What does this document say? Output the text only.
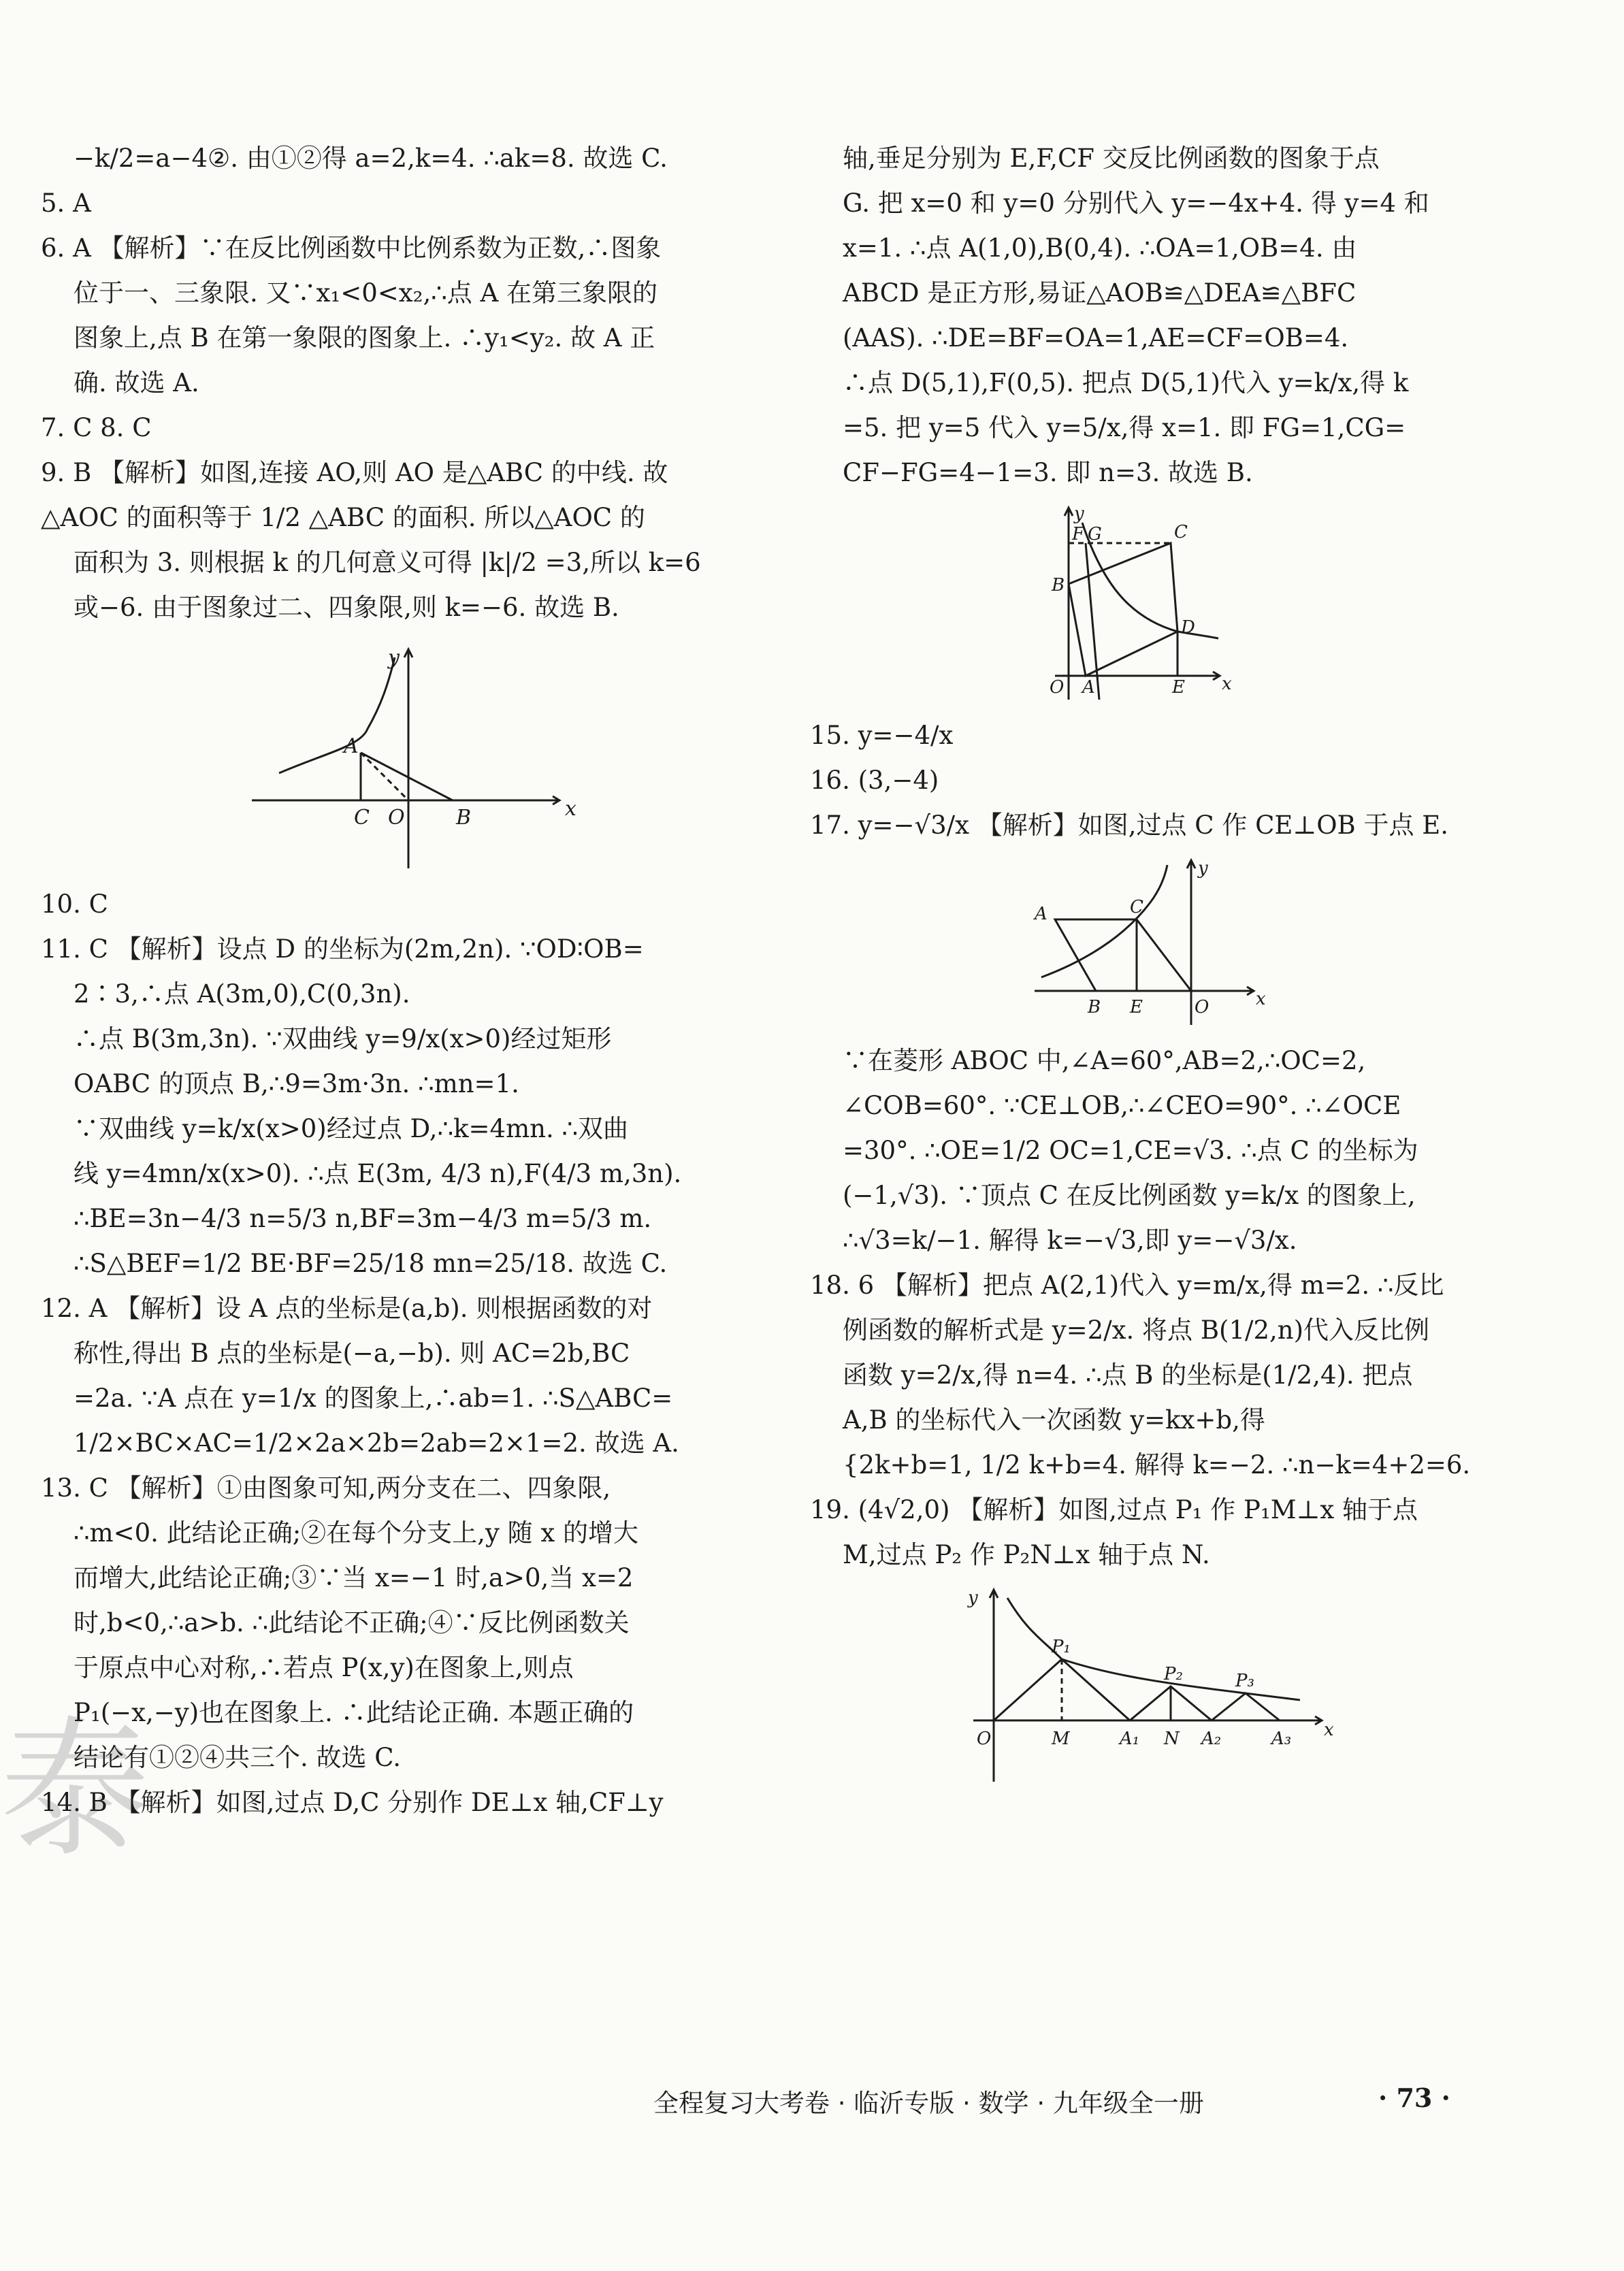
泰

−k/2=a−4②. 由①②得 a=2,k=4. ∴ak=8. 故选 C.

5. A

6. A 【解析】∵在反比例函数中比例系数为正数,∴图象

位于一、三象限. 又∵x₁<0<x₂,∴点 A 在第三象限的

图象上,点 B 在第一象限的图象上. ∴y₁<y₂. 故 A 正

确. 故选 A.

7. C 8. C

9. B 【解析】如图,连接 AO,则 AO 是△ABC 的中线. 故

△AOC 的面积等于 1/2 △ABC 的面积. 所以△AOC 的

面积为 3. 则根据 k 的几何意义可得 |k|/2 =3,所以 k=6

或−6. 由于图象过二、四象限,则 k=−6. 故选 B.

y
x
A
C O	B

10. C

11. C 【解析】设点 D 的坐标为(2m,2n). ∵OD∶OB=

2∶3,∴点 A(3m,0),C(0,3n).

∴点 B(3m,3n). ∵双曲线 y=9/x(x>0)经过矩形

OABC 的顶点 B,∴9=3m·3n. ∴mn=1.

∵双曲线 y=k/x(x>0)经过点 D,∴k=4mn. ∴双曲

线 y=4mn/x(x>0). ∴点 E(3m, 4/3 n),F(4/3 m,3n).

∴BE=3n−4/3 n=5/3 n,BF=3m−4/3 m=5/3 m.

∴S△BEF=1/2 BE·BF=25/18 mn=25/18. 故选 C.

12. A 【解析】设 A 点的坐标是(a,b). 则根据函数的对

称性,得出 B 点的坐标是(−a,−b). 则 AC=2b,BC

=2a. ∵A 点在 y=1/x 的图象上,∴ab=1. ∴S△ABC=

1/2×BC×AC=1/2×2a×2b=2ab=2×1=2. 故选 A.

13. C 【解析】①由图象可知,两分支在二、四象限,

∴m<0. 此结论正确;②在每个分支上,y 随 x 的增大

而增大,此结论正确;③∵当 x=−1 时,a>0,当 x=2

时,b<0,∴a>b. ∴此结论不正确;④∵反比例函数关

于原点中心对称,∴若点 P(x,y)在图象上,则点

P₁(−x,−y)也在图象上. ∴此结论正确. 本题正确的

结论有①②④共三个. 故选 C.

14. B 【解析】如图,过点 D,C 分别作 DE⊥x 轴,CF⊥y

轴,垂足分别为 E,F,CF 交反比例函数的图象于点

G. 把 x=0 和 y=0 分别代入 y=−4x+4. 得 y=4 和

x=1. ∴点 A(1,0),B(0,4). ∴OA=1,OB=4. 由

ABCD 是正方形,易证△AOB≌△DEA≌△BFC

(AAS). ∴DE=BF=OA=1,AE=CF=OB=4.

∴点 D(5,1),F(0,5). 把点 D(5,1)代入 y=k/x,得 k

=5. 把 y=5 代入 y=5/x,得 x=1. 即 FG=1,CG=

CF−FG=4−1=3. 即 n=3. 故选 B.

y
x
F G	C
B
D
O A	E

15. y=−4/x

16. (3,−4)

17. y=−√3/x 【解析】如图,过点 C 作 CE⊥OB 于点 E.

y
x
A	C
B E	O

∵在菱形 ABOC 中,∠A=60°,AB=2,∴OC=2,

∠COB=60°. ∵CE⊥OB,∴∠CEO=90°. ∴∠OCE

=30°. ∴OE=1/2 OC=1,CE=√3. ∴点 C 的坐标为

(−1,√3). ∵顶点 C 在反比例函数 y=k/x 的图象上,

∴√3=k/−1. 解得 k=−√3,即 y=−√3/x.

18. 6 【解析】把点 A(2,1)代入 y=m/x,得 m=2. ∴反比

例函数的解析式是 y=2/x. 将点 B(1/2,n)代入反比例

函数 y=2/x,得 n=4. ∴点 B 的坐标是(1/2,4). 把点

A,B 的坐标代入一次函数 y=kx+b,得

{2k+b=1, 1/2 k+b=4. 解得 k=−2. ∴n−k=4+2=6.

19. (4√2,0) 【解析】如图,过点 P₁ 作 P₁M⊥x 轴于点

M,过点 P₂ 作 P₂N⊥x 轴于点 N.

y
x
O	M	A₁ N A₂	A₃
P₁
P₂	P₃
全程复习大考卷 · 临沂专版 · 数学 · 九年级全一册	· 73 ·
